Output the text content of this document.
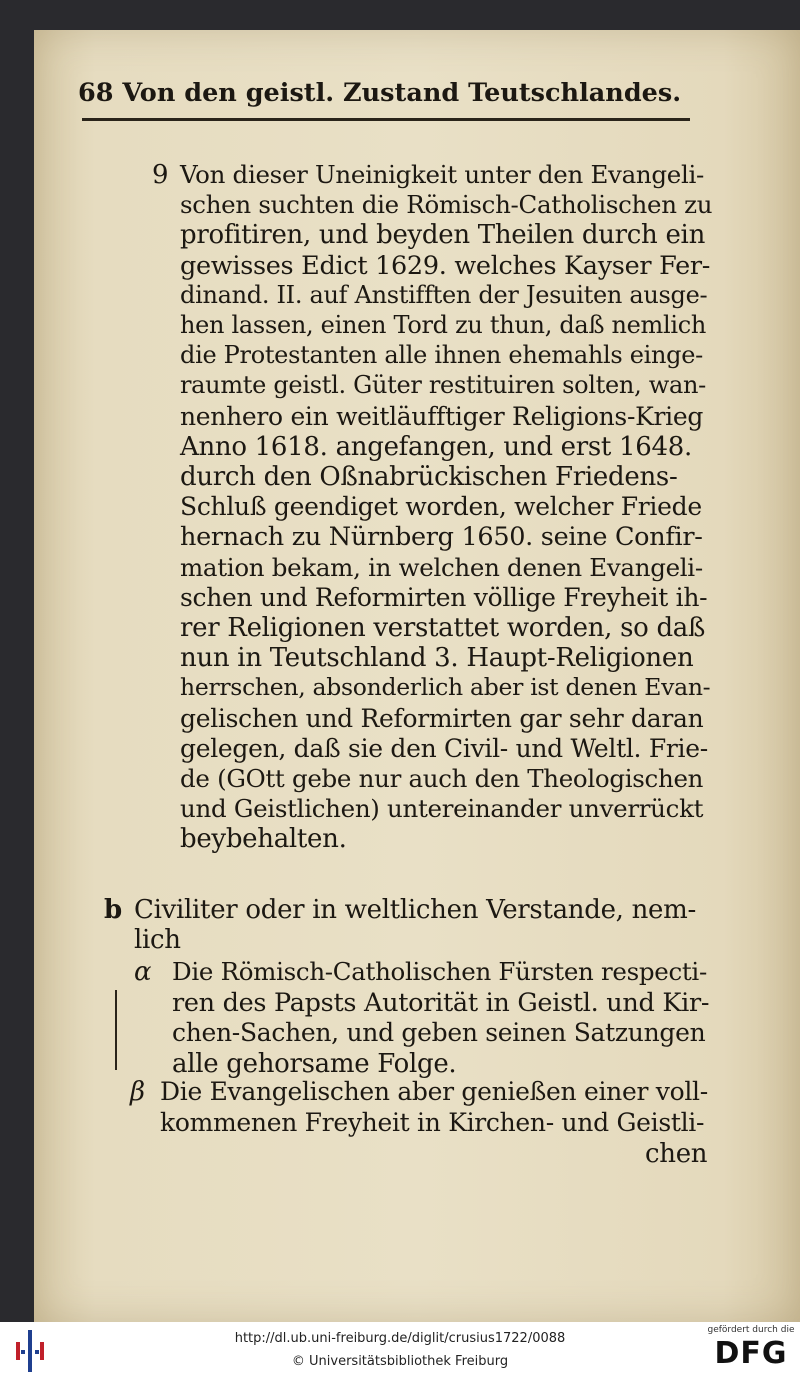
68 Von den geistl. Zustand Teutschlandes.
9
b
α
β
Von dieser Uneinigkeit unter den Evangeli-
schen suchten die Römisch-Catholischen zu
profitiren, und beyden Theilen durch ein
gewisses Edict 1629. welches Kayser Fer-
dinand. II. auf Anstifften der Jesuiten ausge-
hen lassen, einen Tord zu thun, daß nemlich
die Protestanten alle ihnen ehemahls einge-
raumte geistl. Güter restituiren solten, wan-
nenhero ein weitläufftiger Religions-Krieg
Anno 1618. angefangen, und erst 1648.
durch den Oßnabrückischen Friedens-
Schluß geendiget worden, welcher Friede
hernach zu Nürnberg 1650. seine Confir-
mation bekam, in welchen denen Evangeli-
schen und Reformirten völlige Freyheit ih-
rer Religionen verstattet worden, so daß
nun in Teutschland 3. Haupt-Religionen
herrschen, absonderlich aber ist denen Evan-
gelischen und Reformirten gar sehr daran
gelegen, daß sie den Civil- und Weltl. Frie-
de (GOtt gebe nur auch den Theologischen
und Geistlichen) untereinander unverrückt
beybehalten.
Civiliter oder in weltlichen Verstande, nem-
lich
Die Römisch-Catholischen Fürsten respecti-
ren des Papsts Autorität in Geistl. und Kir-
chen-Sachen, und geben seinen Satzungen
alle gehorsame Folge.
Die Evangelischen aber genießen einer voll-
kommenen Freyheit in Kirchen- und Geistli-
chen
http://dl.ub.uni-freiburg.de/diglit/crusius1722/0088
© Universitätsbibliothek Freiburg
gefördert durch die
DFG
